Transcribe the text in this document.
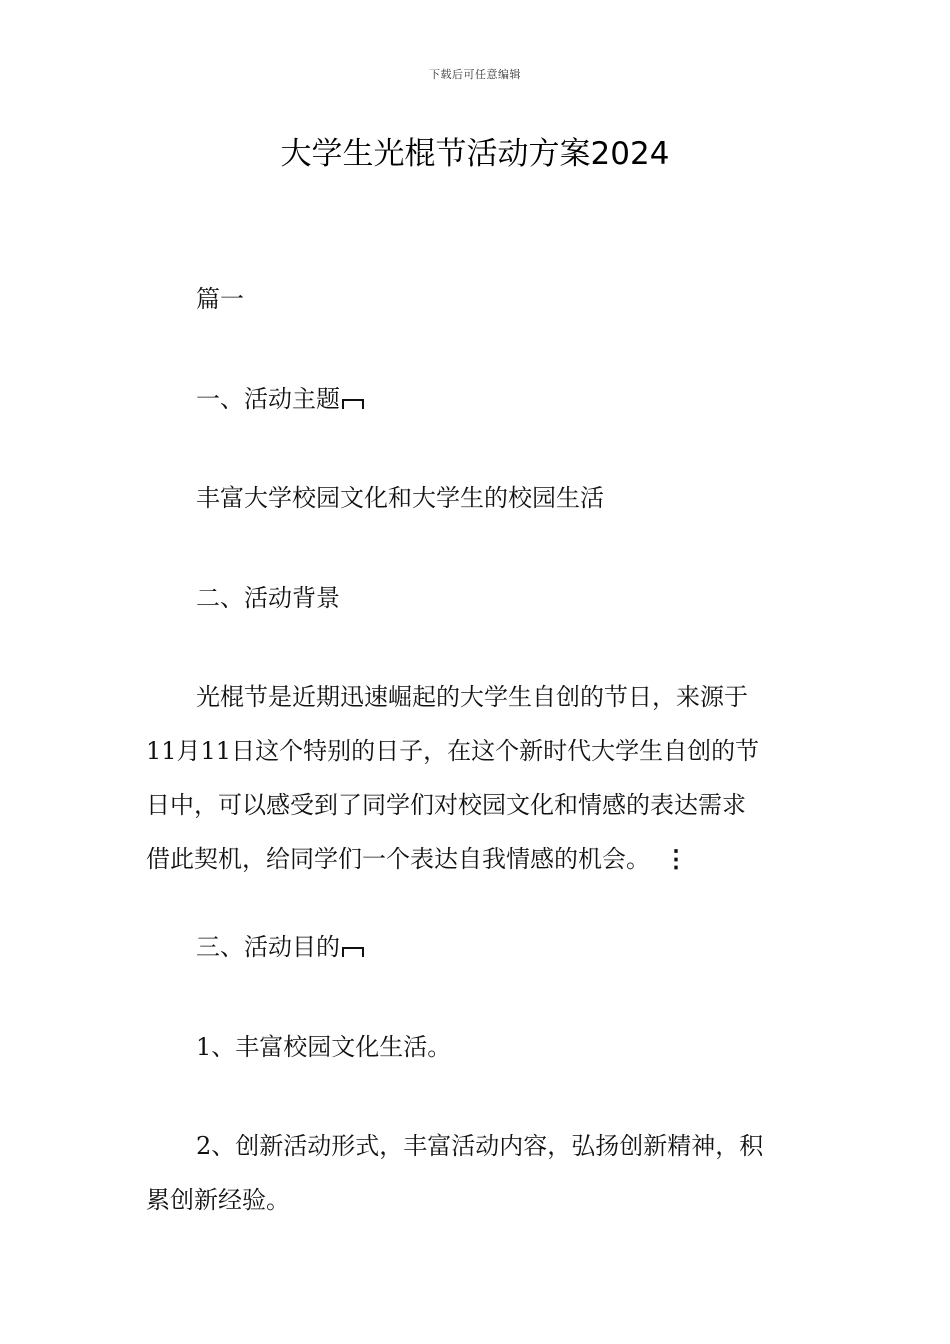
下载后可任意编辑
大学生光棍节活动方案2024

篇一

一、活动主题

丰富大学校园文化和大学生的校园生活

二、活动背景

光棍节是近期迅速崛起的大学生自创的节日，来源于

11月11日这个特别的日子，在这个新时代大学生自创的节

日中，可以感受到了同学们对校园文化和情感的表达需求

借此契机，给同学们一个表达自我情感的机会。 ⋮

三、活动目的

1、丰富校园文化生活。

2、创新活动形式，丰富活动内容，弘扬创新精神，积

累创新经验。
